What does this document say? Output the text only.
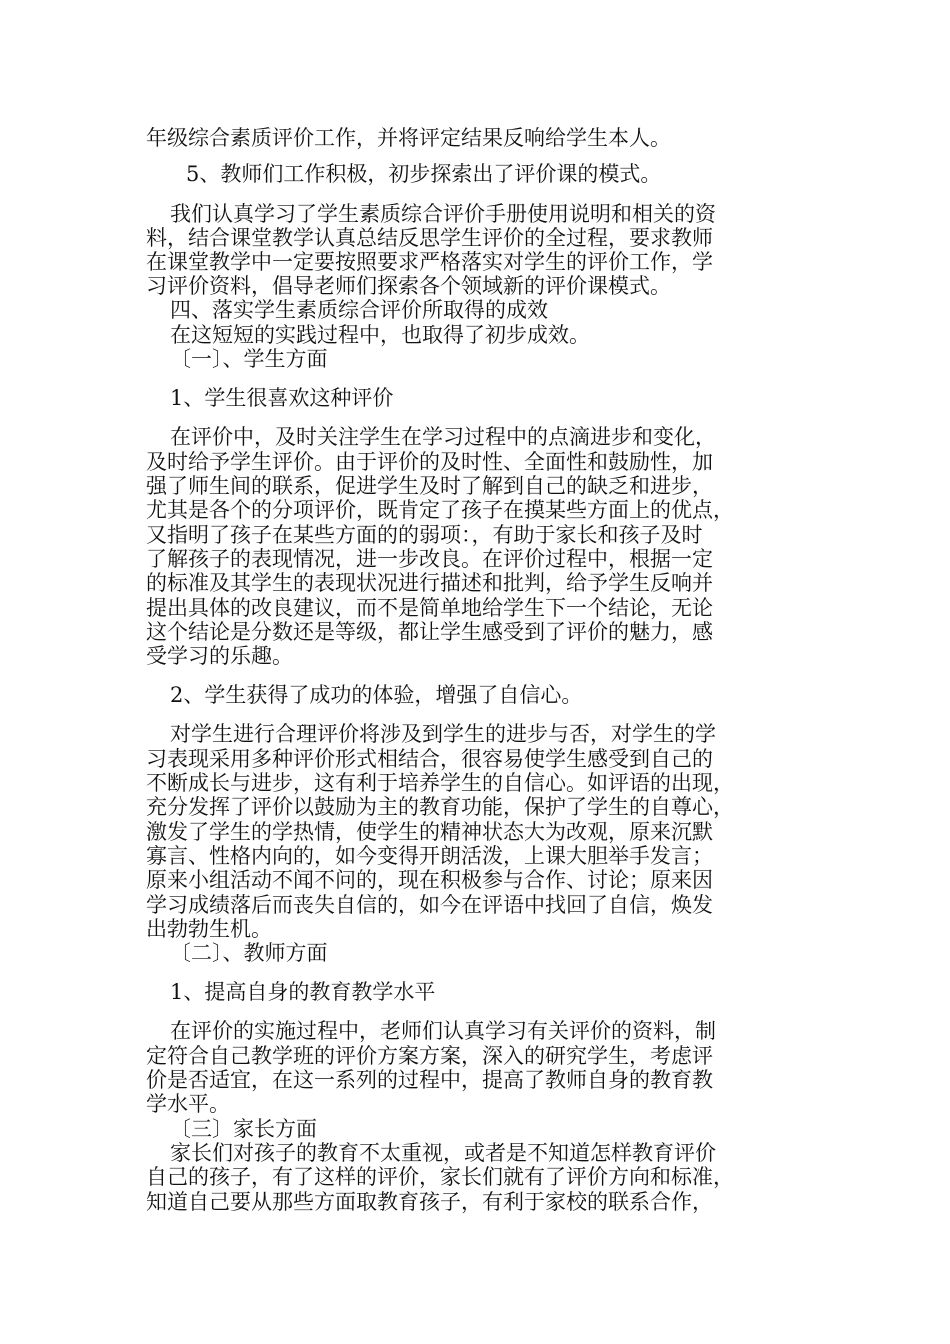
年级综合素质评价工作，并将评定结果反响给学生本人。
5、教师们工作积极，初步探索出了评价课的模式。
我们认真学习了学生素质综合评价手册使用说明和相关的资
料，结合课堂教学认真总结反思学生评价的全过程，要求教师
在课堂教学中一定要按照要求严格落实对学生的评价工作，学
习评价资料，倡导老师们探索各个领域新的评价课模式。
四、落实学生素质综合评价所取得的成效
在这短短的实践过程中，也取得了初步成效。
〔一〕、学生方面
1、学生很喜欢这种评价
在评价中，及时关注学生在学习过程中的点滴进步和变化，
及时给予学生评价。由于评价的及时性、全面性和鼓励性，加
强了师生间的联系，促进学生及时了解到自己的缺乏和进步，
尤其是各个的分项评价，既肯定了孩子在摸某些方面上的优点，
又指明了孩子在某些方面的的弱项：，有助于家长和孩子及时
了解孩子的表现情况，进一步改良。在评价过程中，根据一定
的标准及其学生的表现状况进行描述和批判，给予学生反响并
提出具体的改良建议，而不是简单地给学生下一个结论，无论
这个结论是分数还是等级，都让学生感受到了评价的魅力，感
受学习的乐趣。
2、学生获得了成功的体验，增强了自信心。
对学生进行合理评价将涉及到学生的进步与否，对学生的学
习表现采用多种评价形式相结合，很容易使学生感受到自己的
不断成长与进步，这有利于培养学生的自信心。如评语的出现，
充分发挥了评价以鼓励为主的教育功能，保护了学生的自尊心，
激发了学生的学热情，使学生的精神状态大为改观，原来沉默
寡言、性格内向的，如今变得开朗活泼，上课大胆举手发言；
原来小组活动不闻不问的，现在积极参与合作、讨论；原来因
学习成绩落后而丧失自信的，如今在评语中找回了自信，焕发
出勃勃生机。
〔二〕、教师方面
1、提高自身的教育教学水平
在评价的实施过程中，老师们认真学习有关评价的资料，制
定符合自己教学班的评价方案方案，深入的研究学生，考虑评
价是否适宜，在这一系列的过程中，提高了教师自身的教育教
学水平。
〔三〕家长方面
家长们对孩子的教育不太重视，或者是不知道怎样教育评价
自己的孩子，有了这样的评价，家长们就有了评价方向和标准，
知道自己要从那些方面取教育孩子，有利于家校的联系合作，
